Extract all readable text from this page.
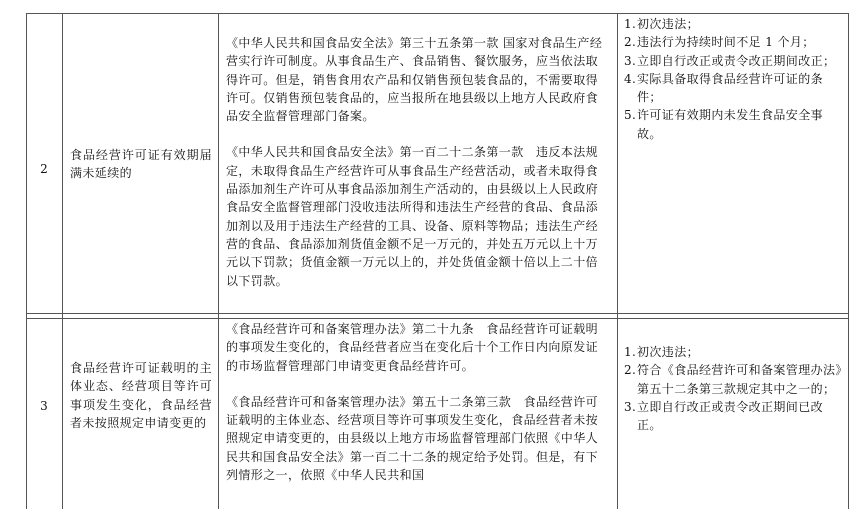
2
食品经营许可证有效期届满未延续的

《中华人民共和国食品安全法》第三十五条第一款 国家对食品生产经营实行许可制度。从事食品生产、食品销售、餐饮服务，应当依法取得许可。但是，销售食用农产品和仅销售预包装食品的，不需要取得许可。仅销售预包装食品的，应当报所在地县级以上地方人民政府食品安全监督管理部门备案。

《中华人民共和国食品安全法》第一百二十二条第一款　违反本法规定，未取得食品生产经营许可从事食品生产经营活动，或者未取得食品添加剂生产许可从事食品添加剂生产活动的，由县级以上人民政府食品安全监督管理部门没收违法所得和违法生产经营的食品、食品添加剂以及用于违法生产经营的工具、设备、原料等物品；违法生产经营的食品、食品添加剂货值金额不足一万元的，并处五万元以上十万元以下罚款；货值金额一万元以上的，并处货值金额十倍以上二十倍以下罚款。

1. 初次违法；
2. 违法行为持续时间不足 1 个月；
3. 立即自行改正或责令改正期间改正；
4. 实际具备取得食品经营许可证的条件；
5. 许可证有效期内未发生食品安全事故。
3
食品经营许可证载明的主体业态、经营项目等许可事项发生变化，食品经营者未按照规定申请变更的

《食品经营许可和备案管理办法》第二十九条　食品经营许可证载明的事项发生变化的，食品经营者应当在变化后十个工作日内向原发证的市场监督管理部门申请变更食品经营许可。

《食品经营许可和备案管理办法》第五十二条第三款　食品经营许可证载明的主体业态、经营项目等许可事项发生变化，食品经营者未按照规定申请变更的，由县级以上地方市场监督管理部门依照《中华人民共和国食品安全法》第一百二十二条的规定给予处罚。但是，有下列情形之一，依照《中华人民共和国

1. 初次违法；
2. 符合《食品经营许可和备案管理办法》第五十二条第三款规定其中之一的；
3. 立即自行改正或责令改正期间已改正。
